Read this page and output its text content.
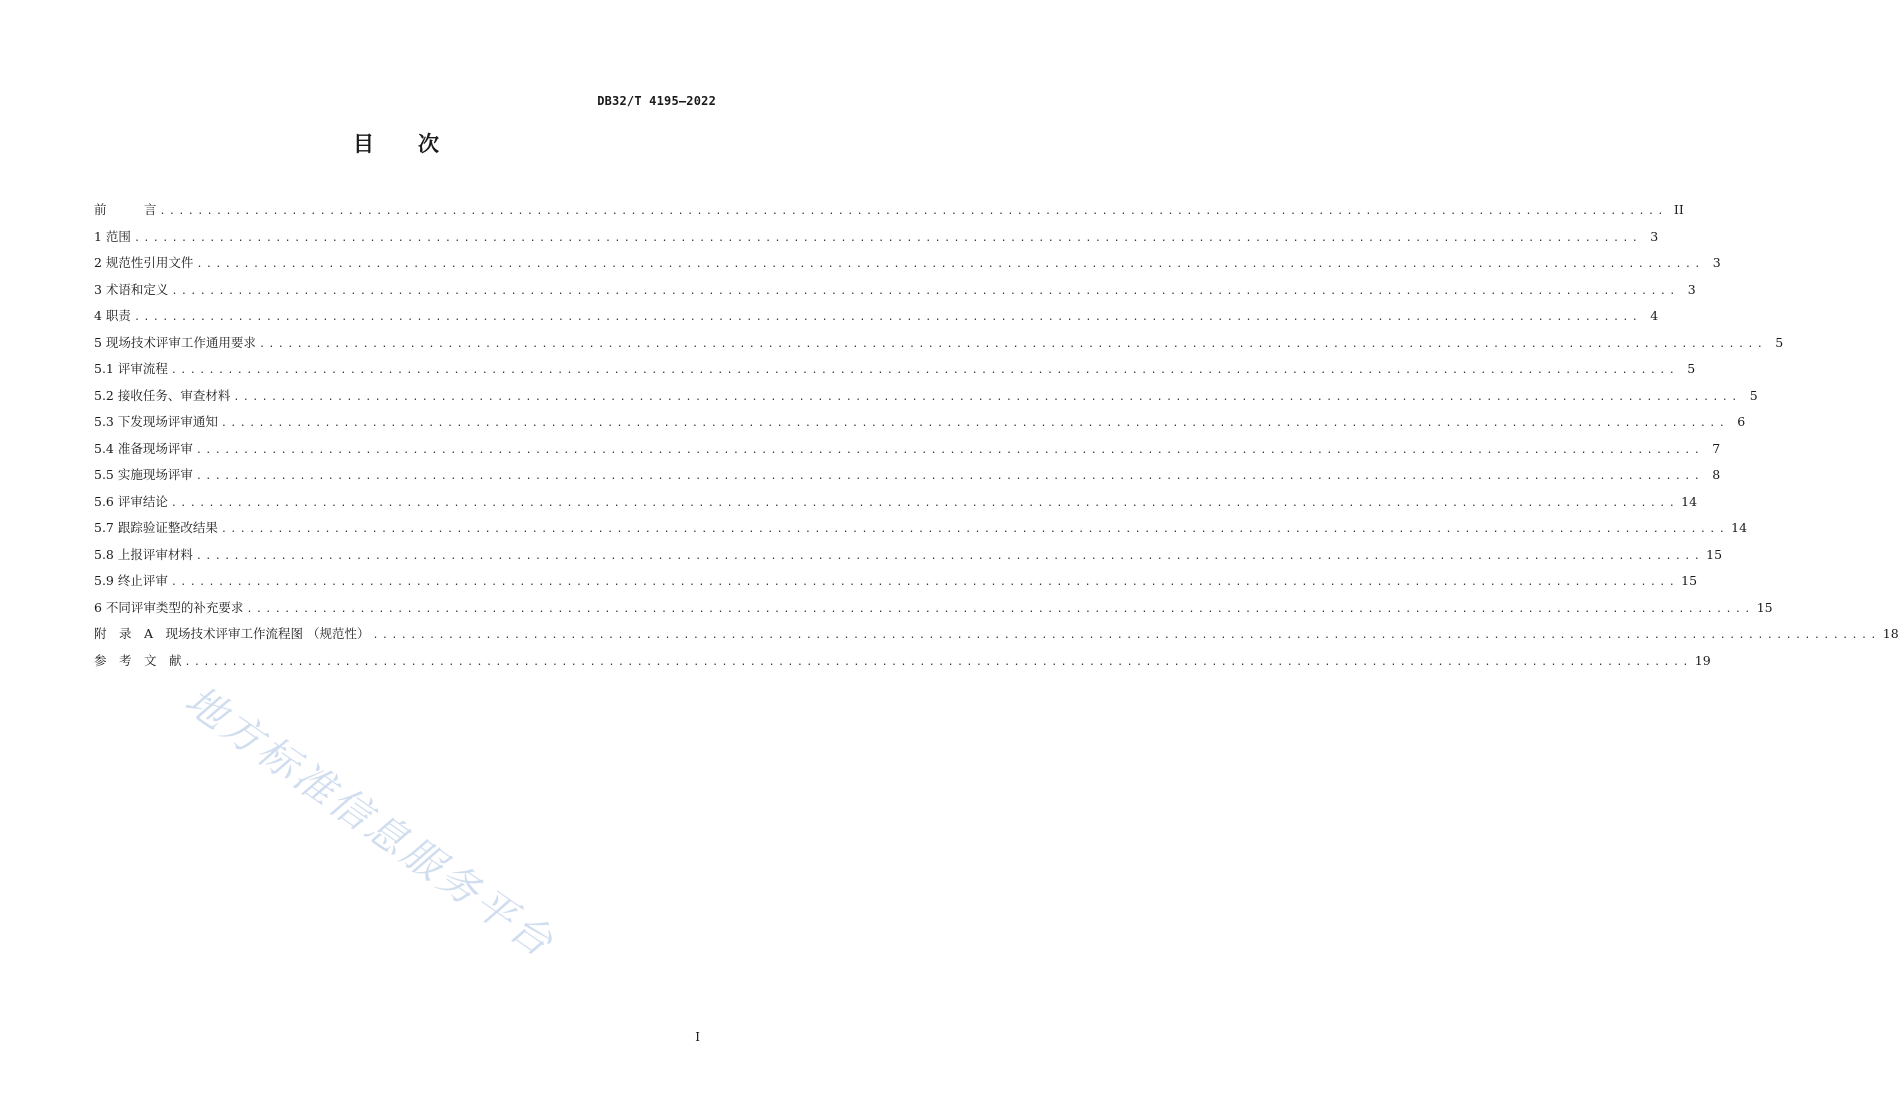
DB32/T 4195—2022
目 次
前　　　言 ................................................................................................................................................................ II
1 范围 ................................................................................................................................................................ 3
2 规范性引用文件 ................................................................................................................................................................ 3
3 术语和定义 ................................................................................................................................................................ 3
4 职责 ................................................................................................................................................................ 4
5 现场技术评审工作通用要求 ................................................................................................................................................................ 5
5.1 评审流程 ................................................................................................................................................................ 5
5.2 接收任务、审查材料 ................................................................................................................................................................ 5
5.3 下发现场评审通知 ................................................................................................................................................................ 6
5.4 准备现场评审 ................................................................................................................................................................ 7
5.5 实施现场评审 ................................................................................................................................................................ 8
5.6 评审结论 ................................................................................................................................................................ 14
5.7 跟踪验证整改结果 ................................................................................................................................................................ 14
5.8 上报评审材料 ................................................................................................................................................................ 15
5.9 终止评审 ................................................................................................................................................................ 15
6 不同评审类型的补充要求 ................................................................................................................................................................ 15
附　录　A　现场技术评审工作流程图 （规范性） ................................................................................................................................................................ 18
参　考　文　献 ................................................................................................................................................................ 19
地方标准信息服务平台
I
